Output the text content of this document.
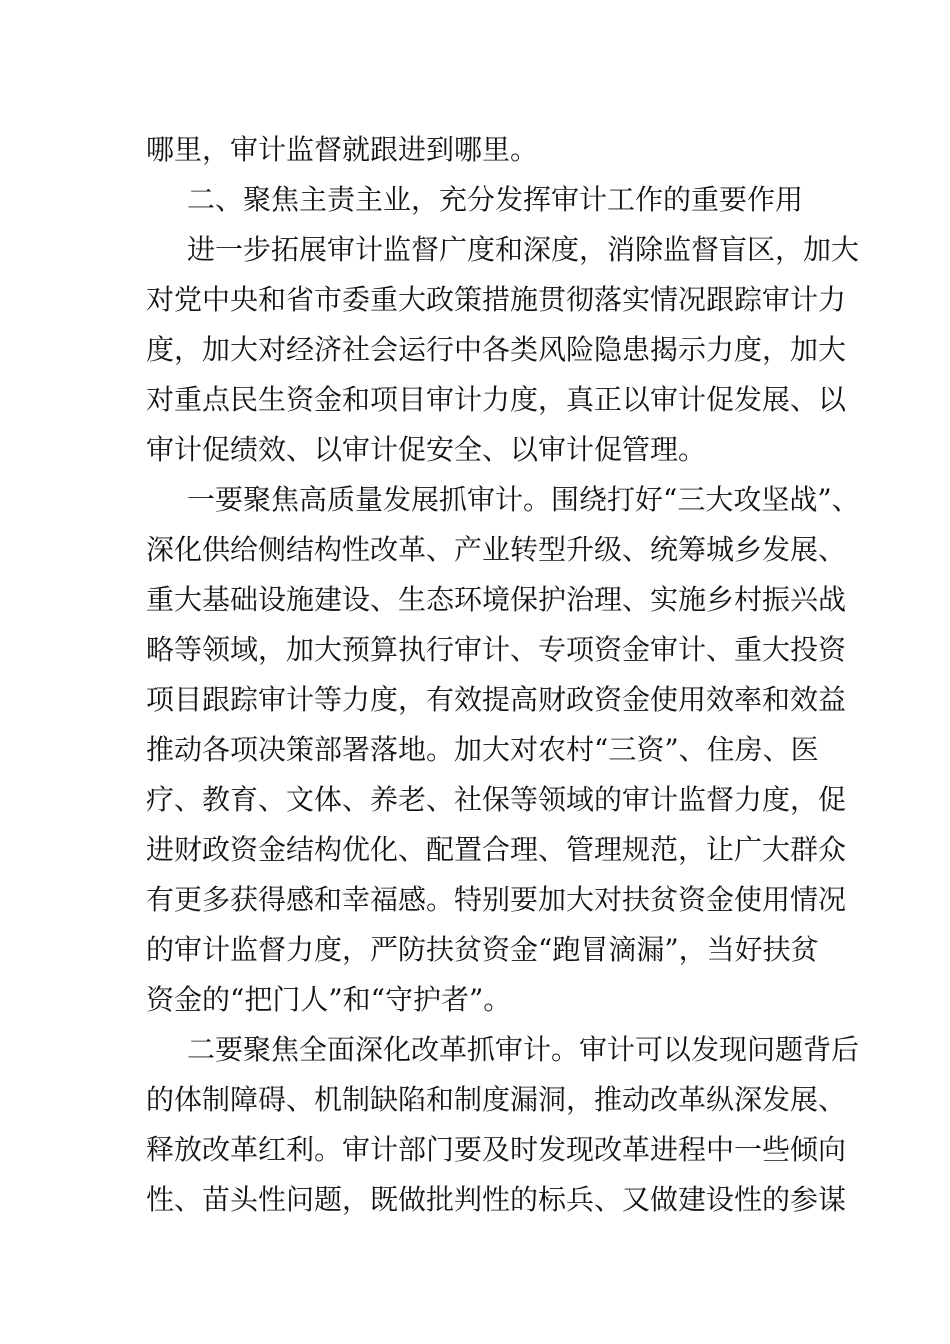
哪里，审计监督就跟进到哪里。
二、聚焦主责主业，充分发挥审计工作的重要作用
进一步拓展审计监督广度和深度，消除监督盲区，加大
对党中央和省市委重大政策措施贯彻落实情况跟踪审计力
度，加大对经济社会运行中各类风险隐患揭示力度，加大
对重点民生资金和项目审计力度，真正以审计促发展、以
审计促绩效、以审计促安全、以审计促管理。
一要聚焦高质量发展抓审计。围绕打好“三大攻坚战”、
深化供给侧结构性改革、产业转型升级、统筹城乡发展、
重大基础设施建设、生态环境保护治理、实施乡村振兴战
略等领域，加大预算执行审计、专项资金审计、重大投资
项目跟踪审计等力度，有效提高财政资金使用效率和效益
推动各项决策部署落地。加大对农村“三资”、住房、医
疗、教育、文体、养老、社保等领域的审计监督力度，促
进财政资金结构优化、配置合理、管理规范，让广大群众
有更多获得感和幸福感。特别要加大对扶贫资金使用情况
的审计监督力度，严防扶贫资金“跑冒滴漏”，当好扶贫
资金的“把门人”和“守护者”。
二要聚焦全面深化改革抓审计。审计可以发现问题背后
的体制障碍、机制缺陷和制度漏洞，推动改革纵深发展、
释放改革红利。审计部门要及时发现改革进程中一些倾向
性、苗头性问题，既做批判性的标兵、又做建设性的参谋
